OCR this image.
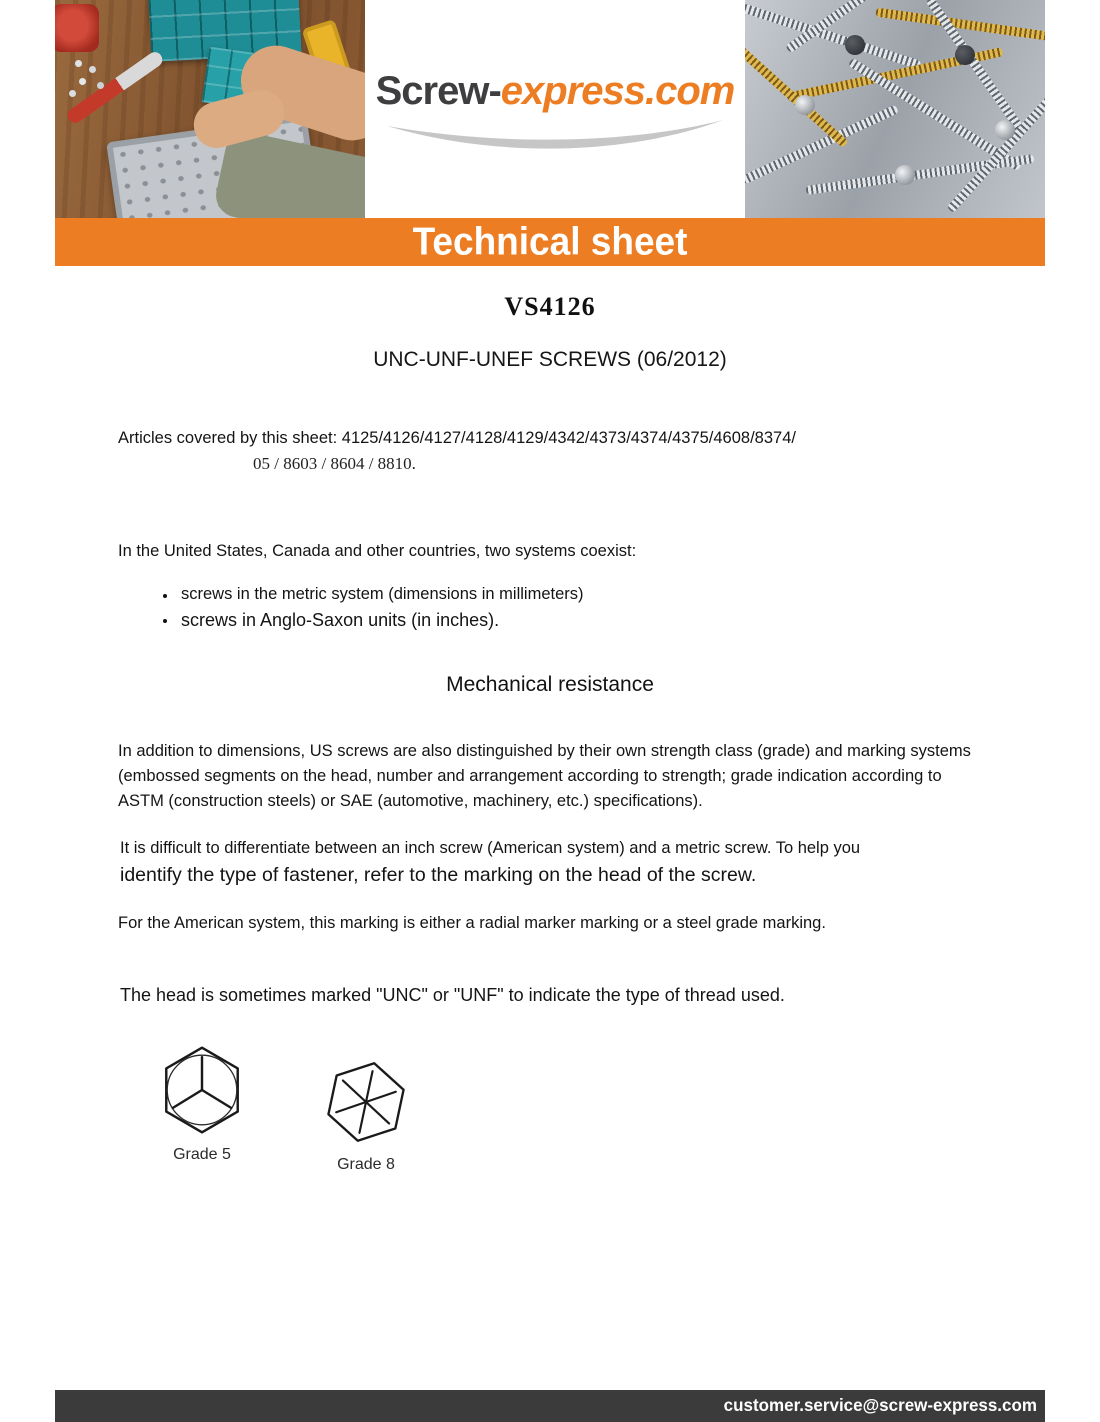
Screw-express.com
Technical sheet
VS4126
UNC-UNF-UNEF SCREWS (06/2012)

Articles covered by this sheet: 4125/4126/4127/4128/4129/4342/4373/4374/4375/4608/8374/
05 / 8603 / 8604 / 8810.

In the United States, Canada and other countries, two systems coexist:

screws in the metric system (dimensions in millimeters)
screws in Anglo-Saxon units (in inches).
Mechanical resistance

In addition to dimensions, US screws are also distinguished by their own strength class (grade) and marking systems (embossed segments on the head, number and arrangement according to strength; grade indication according to ASTM (construction steels) or SAE (automotive, machinery, etc.) specifications).

It is difficult to differentiate between an inch screw (American system) and a metric screw. To help you
identify the type of fastener, refer to the marking on the head of the screw.

For the American system, this marking is either a radial marker marking or a steel grade marking.

The head is sometimes marked "UNC" or "UNF" to indicate the type of thread used.

Grade 5
Grade 8
customer.service@screw-express.com
